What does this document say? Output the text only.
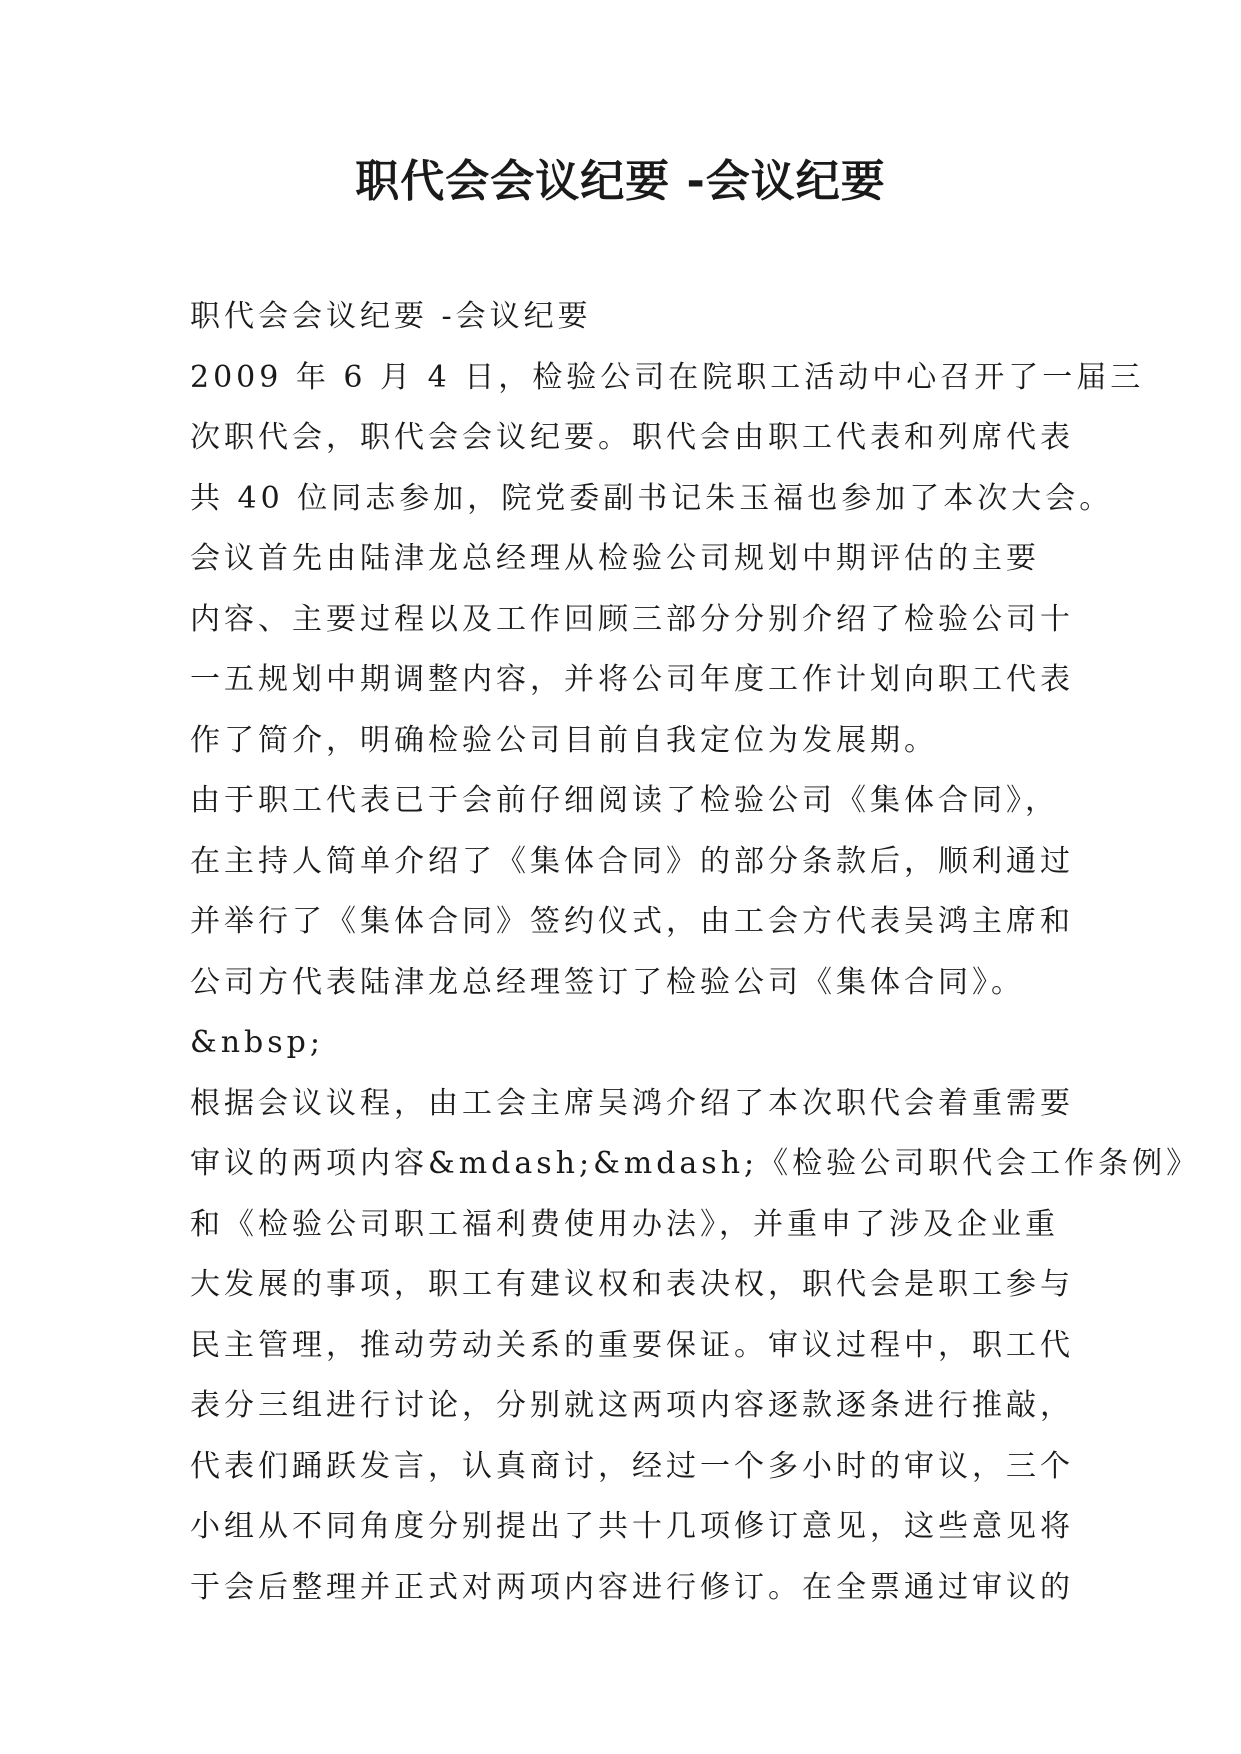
职代会会议纪要 -会议纪要
职代会会议纪要 -会议纪要
2009 年 6 月 4 日，检验公司在院职工活动中心召开了一届三
次职代会，职代会会议纪要。职代会由职工代表和列席代表
共 40 位同志参加，院党委副书记朱玉福也参加了本次大会。
会议首先由陆津龙总经理从检验公司规划中期评估的主要
内容、主要过程以及工作回顾三部分分别介绍了检验公司十
一五规划中期调整内容，并将公司年度工作计划向职工代表
作了简介，明确检验公司目前自我定位为发展期。
由于职工代表已于会前仔细阅读了检验公司《集体合同》，
在主持人简单介绍了《集体合同》的部分条款后，顺利通过
并举行了《集体合同》签约仪式，由工会方代表吴鸿主席和
公司方代表陆津龙总经理签订了检验公司《集体合同》。
&nbsp;
根据会议议程，由工会主席吴鸿介绍了本次职代会着重需要
审议的两项内容&mdash;&mdash;《检验公司职代会工作条例》
和《检验公司职工福利费使用办法》，并重申了涉及企业重
大发展的事项，职工有建议权和表决权，职代会是职工参与
民主管理，推动劳动关系的重要保证。审议过程中，职工代
表分三组进行讨论，分别就这两项内容逐款逐条进行推敲，
代表们踊跃发言，认真商讨，经过一个多小时的审议，三个
小组从不同角度分别提出了共十几项修订意见，这些意见将
于会后整理并正式对两项内容进行修订。在全票通过审议的
